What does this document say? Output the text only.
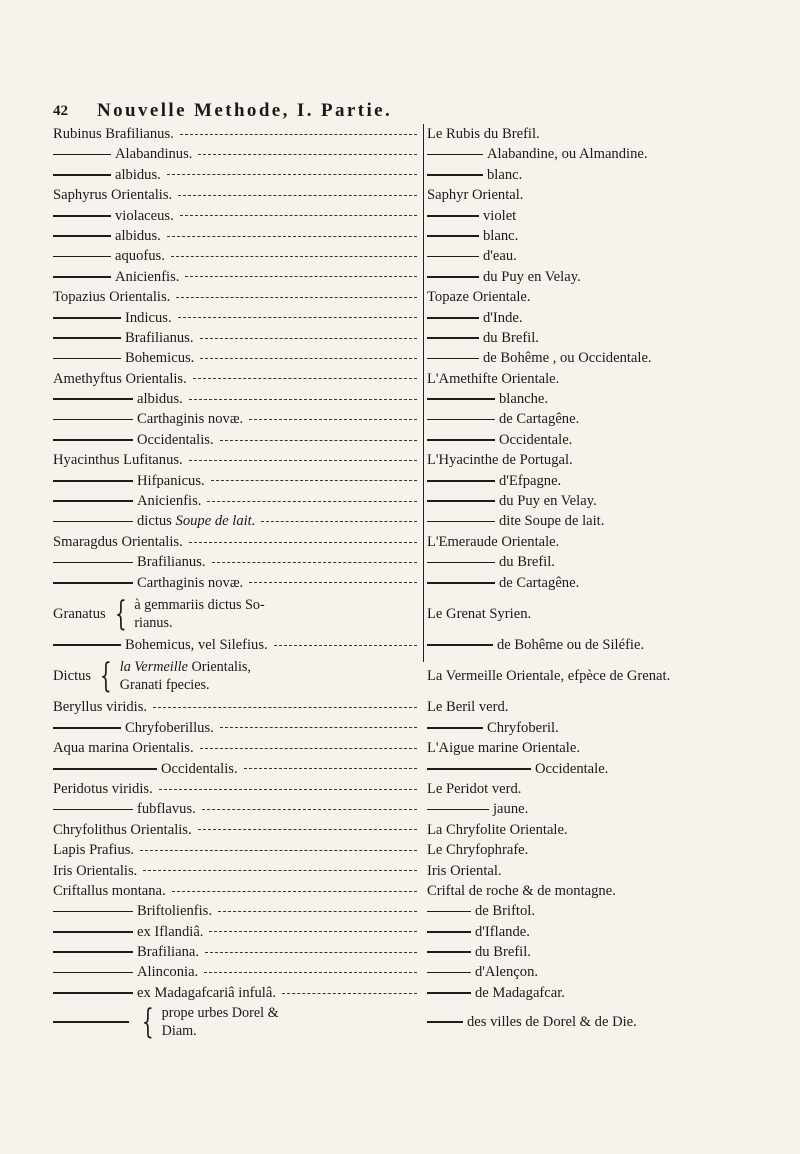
42 Nouvelle Methode, I. Partie.
Rubinus Brafilianus.
Alabandinus.
albidus.
Saphyrus Orientalis.
violaceus.
albidus.
aquofus.
Anicienfis.
Topazius Orientalis.
Indicus.
Brafilianus.
Bohemicus.
Amethyftus Orientalis.
albidus.
Carthaginis novæ.
Occidentalis.
Hyacinthus Lufitanus.
Hifpanicus.
Anicienfis.
dictus
Soupe de lait.
Smaragdus Orientalis.
Brafilianus.
Carthaginis novæ.
Granatus { à gemmariis dictus So-
rianus.
Bohemicus, vel Silefius.
Dictus { la Vermeille Orientalis,
Granati fpecies.
Beryllus viridis.
Chryfoberillus.
Aqua marina Orientalis.
Occidentalis.
Peridotus viridis.
fubflavus.
Chryfolithus Orientalis.
Lapis Prafius.
Iris Orientalis.
Criftallus montana.
Briftolienfis.
ex Iflandiâ.
Brafiliana.
Alinconia.
ex Madagafcariâ infulâ.
{ prope urbes Dorel &
Diam.
Le Rubis du Brefil.
Alabandine, ou Almandine.
blanc.
Saphyr Oriental.
violet
blanc.
d'eau.
du Puy en Velay.
Topaze Orientale.
d'Inde.
du Brefil.
de Bohême , ou Occidentale.
L'Amethifte Orientale.
blanche.
de Cartagêne.
Occidentale.
L'Hyacinthe de Portugal.
d'Efpagne.
du Puy en Velay.
dite Soupe de lait.
L'Emeraude Orientale.
du Brefil.
de Cartagêne.
Le Grenat Syrien.
de Bohême ou de Siléfie.
La Vermeille Orientale, efpèce de Grenat.
Le Beril verd.
Chryfoberil.
L'Aigue marine Orientale.
Occidentale.
Le Peridot verd.
jaune.
La Chryfolite Orientale.
Le Chryfophrafe.
Iris Oriental.
Criftal de roche & de montagne.
de Briftol.
d'Iflande.
du Brefil.
d'Alençon.
de Madagafcar.
des villes de Dorel & de Die.
